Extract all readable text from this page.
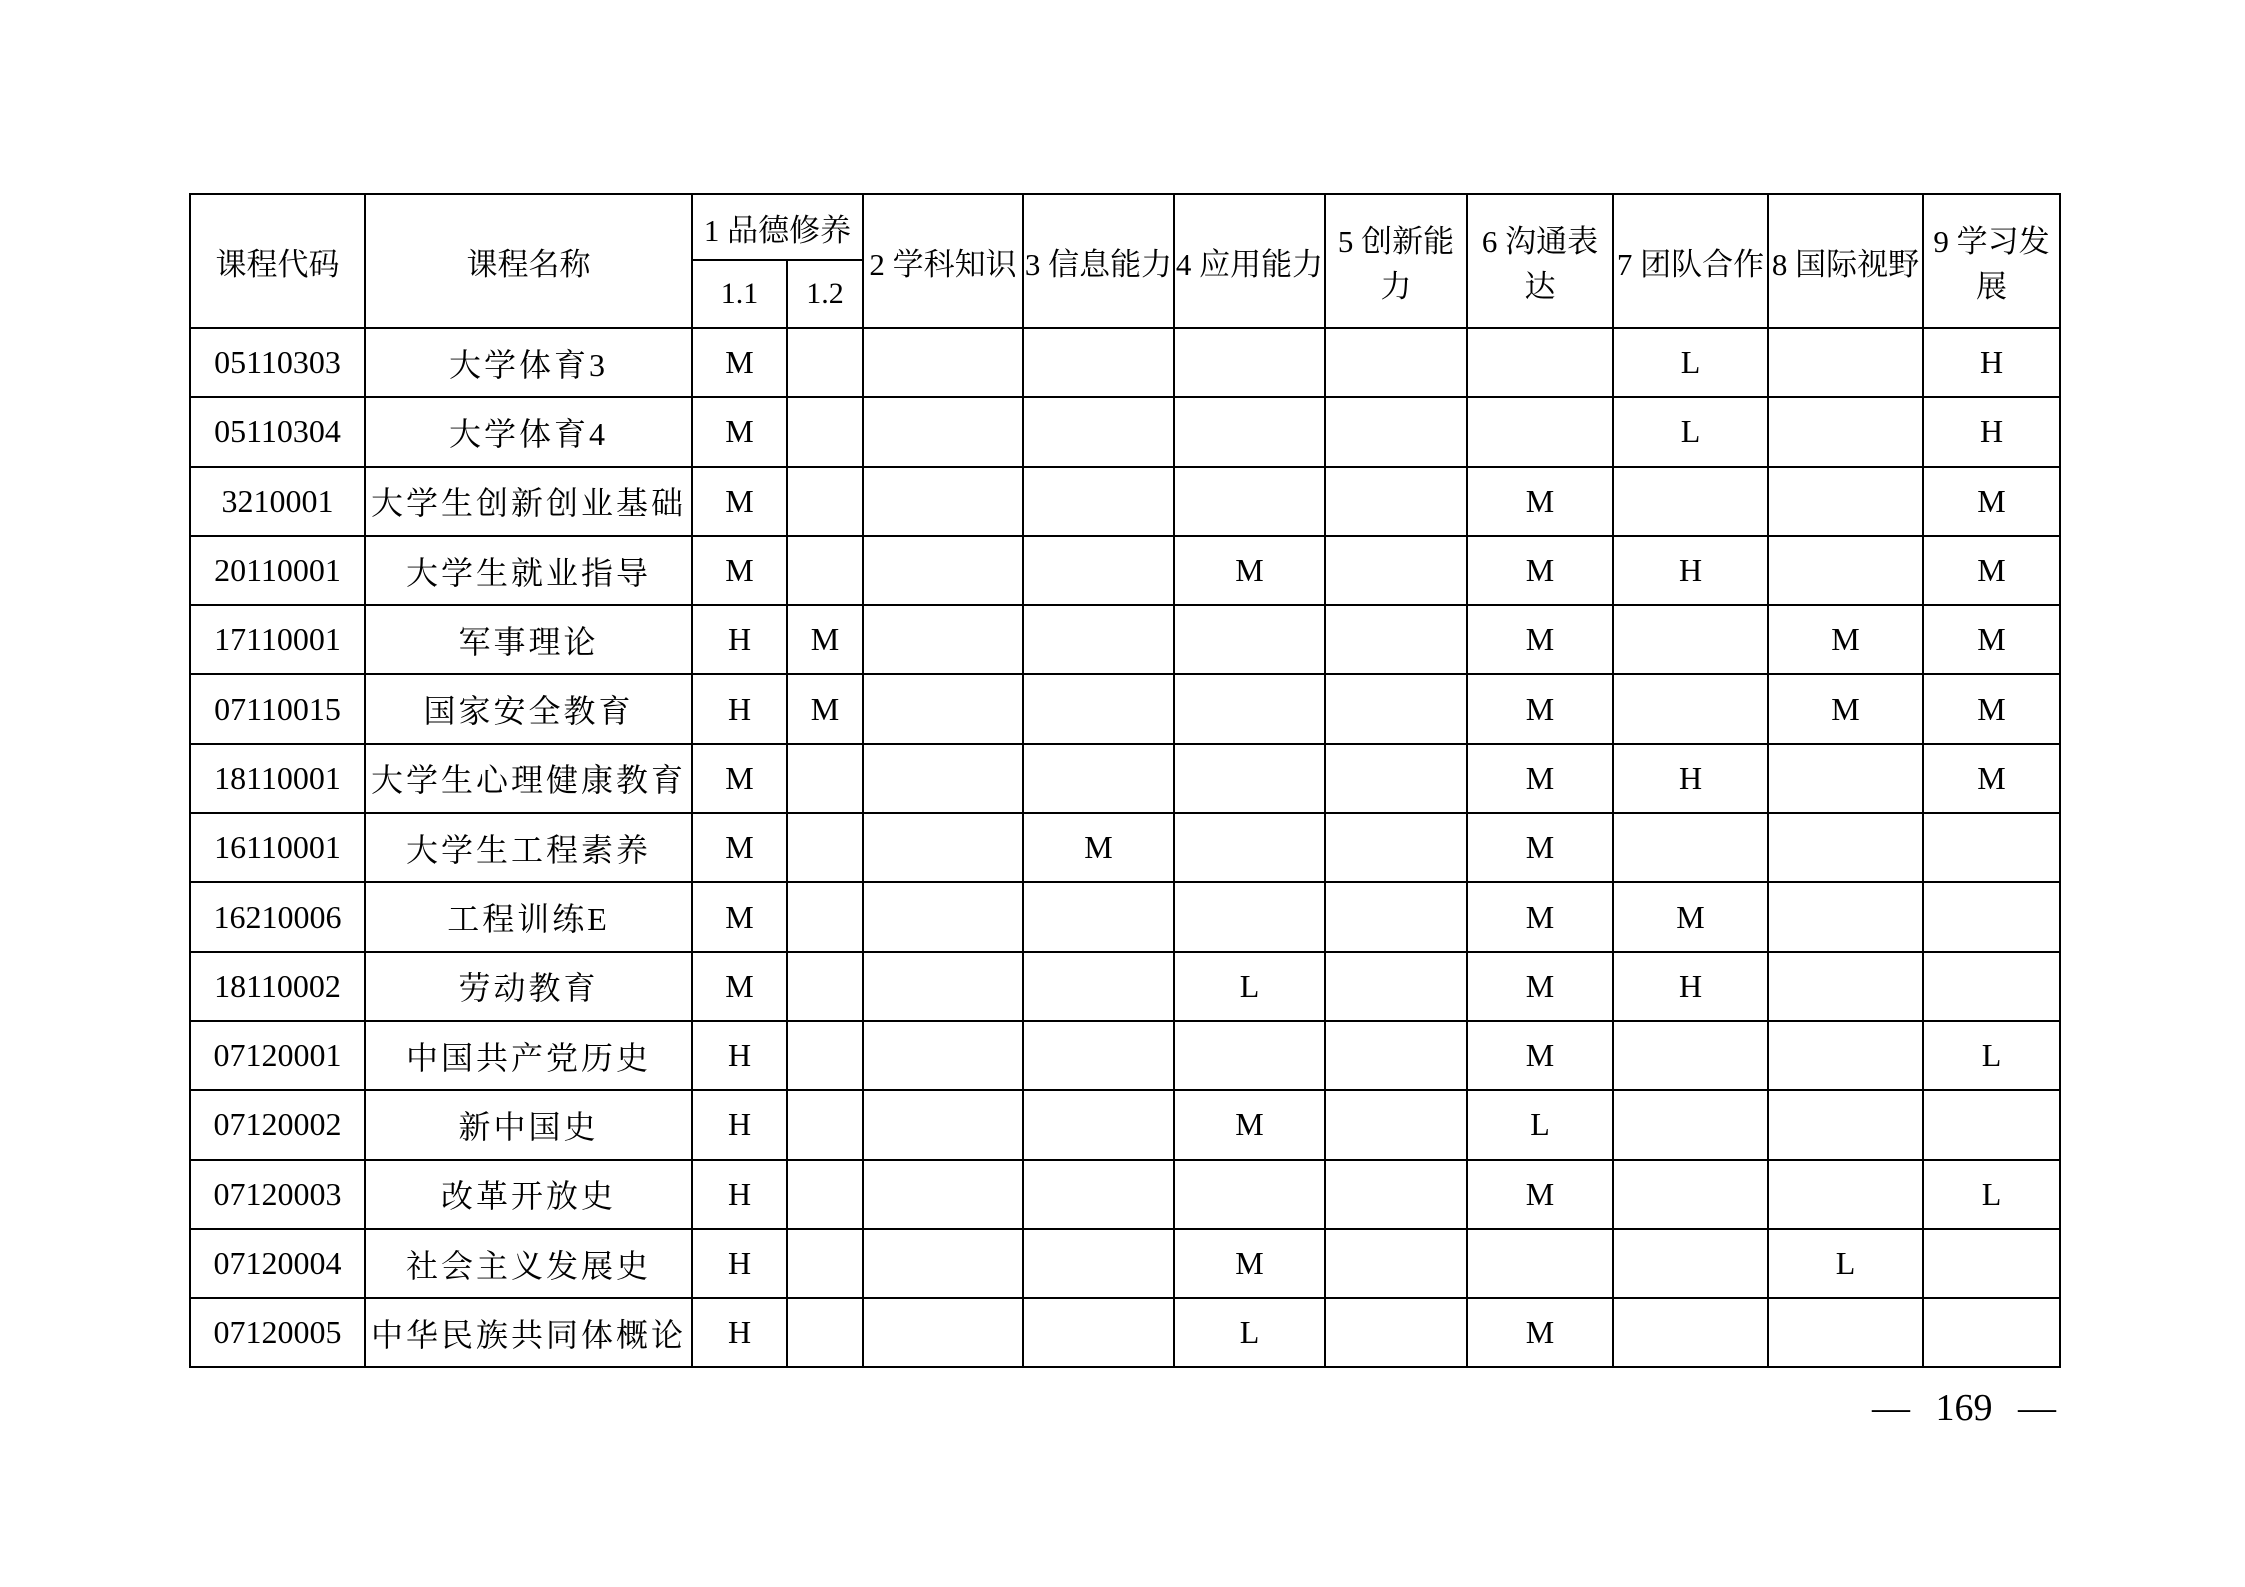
课程代码	课程名称	1 品德修养		2 学科知识	3 信息能力	4 应用能力	5 创新能力	6 沟通表达	7 团队合作	8 国际视野	9 学习发展
		1.1	1.2								
05110303	大学体育3	M							L		H
05110304	大学体育4	M							L		H
3210001	大学生创新创业基础	M						M			M
20110001	大学生就业指导	M				M		M	H		M
17110001	军事理论	H	M					M		M	M
07110015	国家安全教育	H	M					M		M	M
18110001	大学生心理健康教育	M						M	H		M
16110001	大学生工程素养	M			M			M			
16210006	工程训练E	M						M	M		
18110002	劳动教育	M				L		M	H		
07120001	中国共产党历史	H						M			L
07120002	新中国史	H				M		L			
07120003	改革开放史	H						M			L
07120004	社会主义发展史	H				M				L	
07120005	中华民族共同体概论	H				L		M			
— 169 —
